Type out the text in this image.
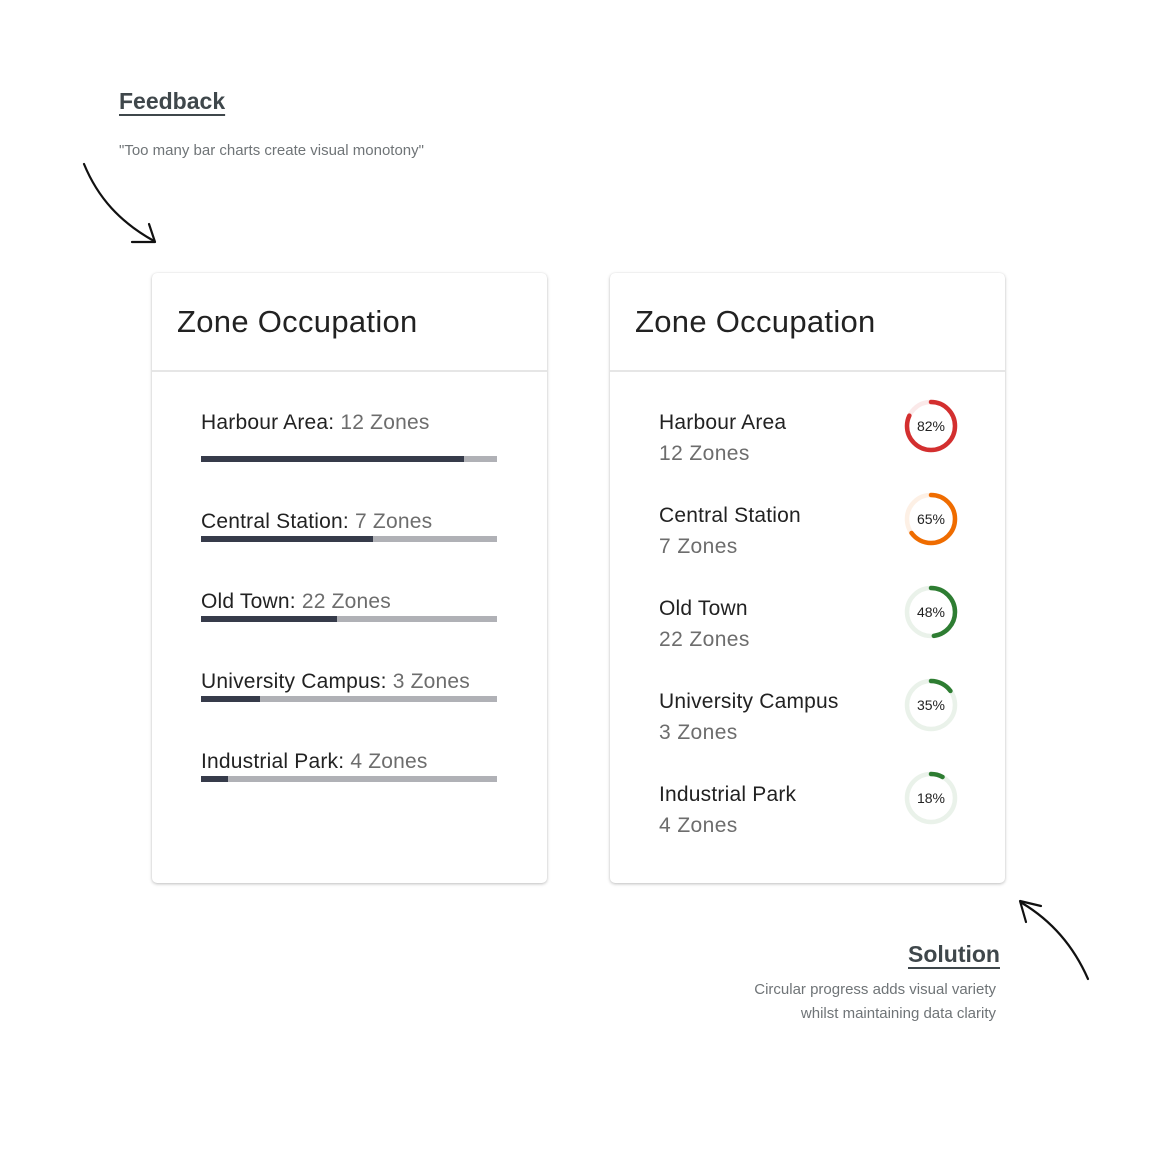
Feedback
"Too many bar charts create visual monotony"
Zone Occupation
Harbour Area: 12 Zones
Central Station: 7 Zones
Old Town: 22 Zones
University Campus: 3 Zones
Industrial Park: 4 Zones
Zone Occupation
Harbour Area
12 Zones
82%
Central Station
7 Zones
65%
Old Town
22 Zones
48%
University Campus
3 Zones
35%
Industrial Park
4 Zones
18%
Solution
Circular progress adds visual variety
whilst maintaining data clarity
